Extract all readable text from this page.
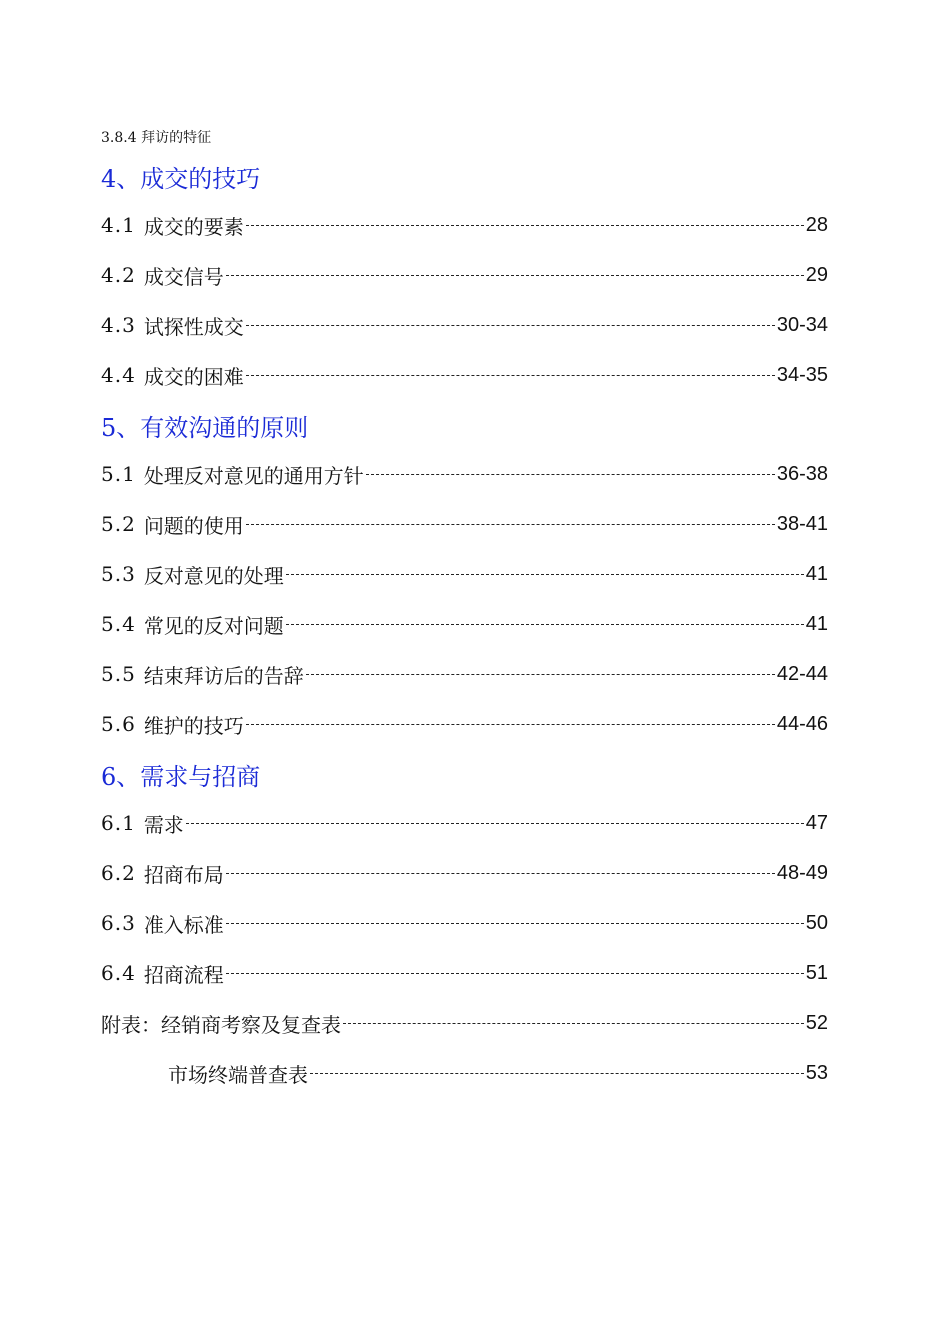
3.8.4 拜访的特征
4、成交的技巧
4.1 成交的要素	28
4.2 成交信号	29
4.3 试探性成交	30-34
4.4 成交的困难	34-35
5、有效沟通的原则
5.1 处理反对意见的通用方针	36-38
5.2 问题的使用	38-41
5.3 反对意见的处理	41
5.4 常见的反对问题	41
5.5 结束拜访后的告辞	42-44
5.6 维护的技巧	44-46
6、需求与招商
6.1 需求	47
6.2 招商布局	48-49
6.3 准入标准	50
6.4 招商流程	51
附表： 经销商考察及复查表	52
市场终端普查表	53
